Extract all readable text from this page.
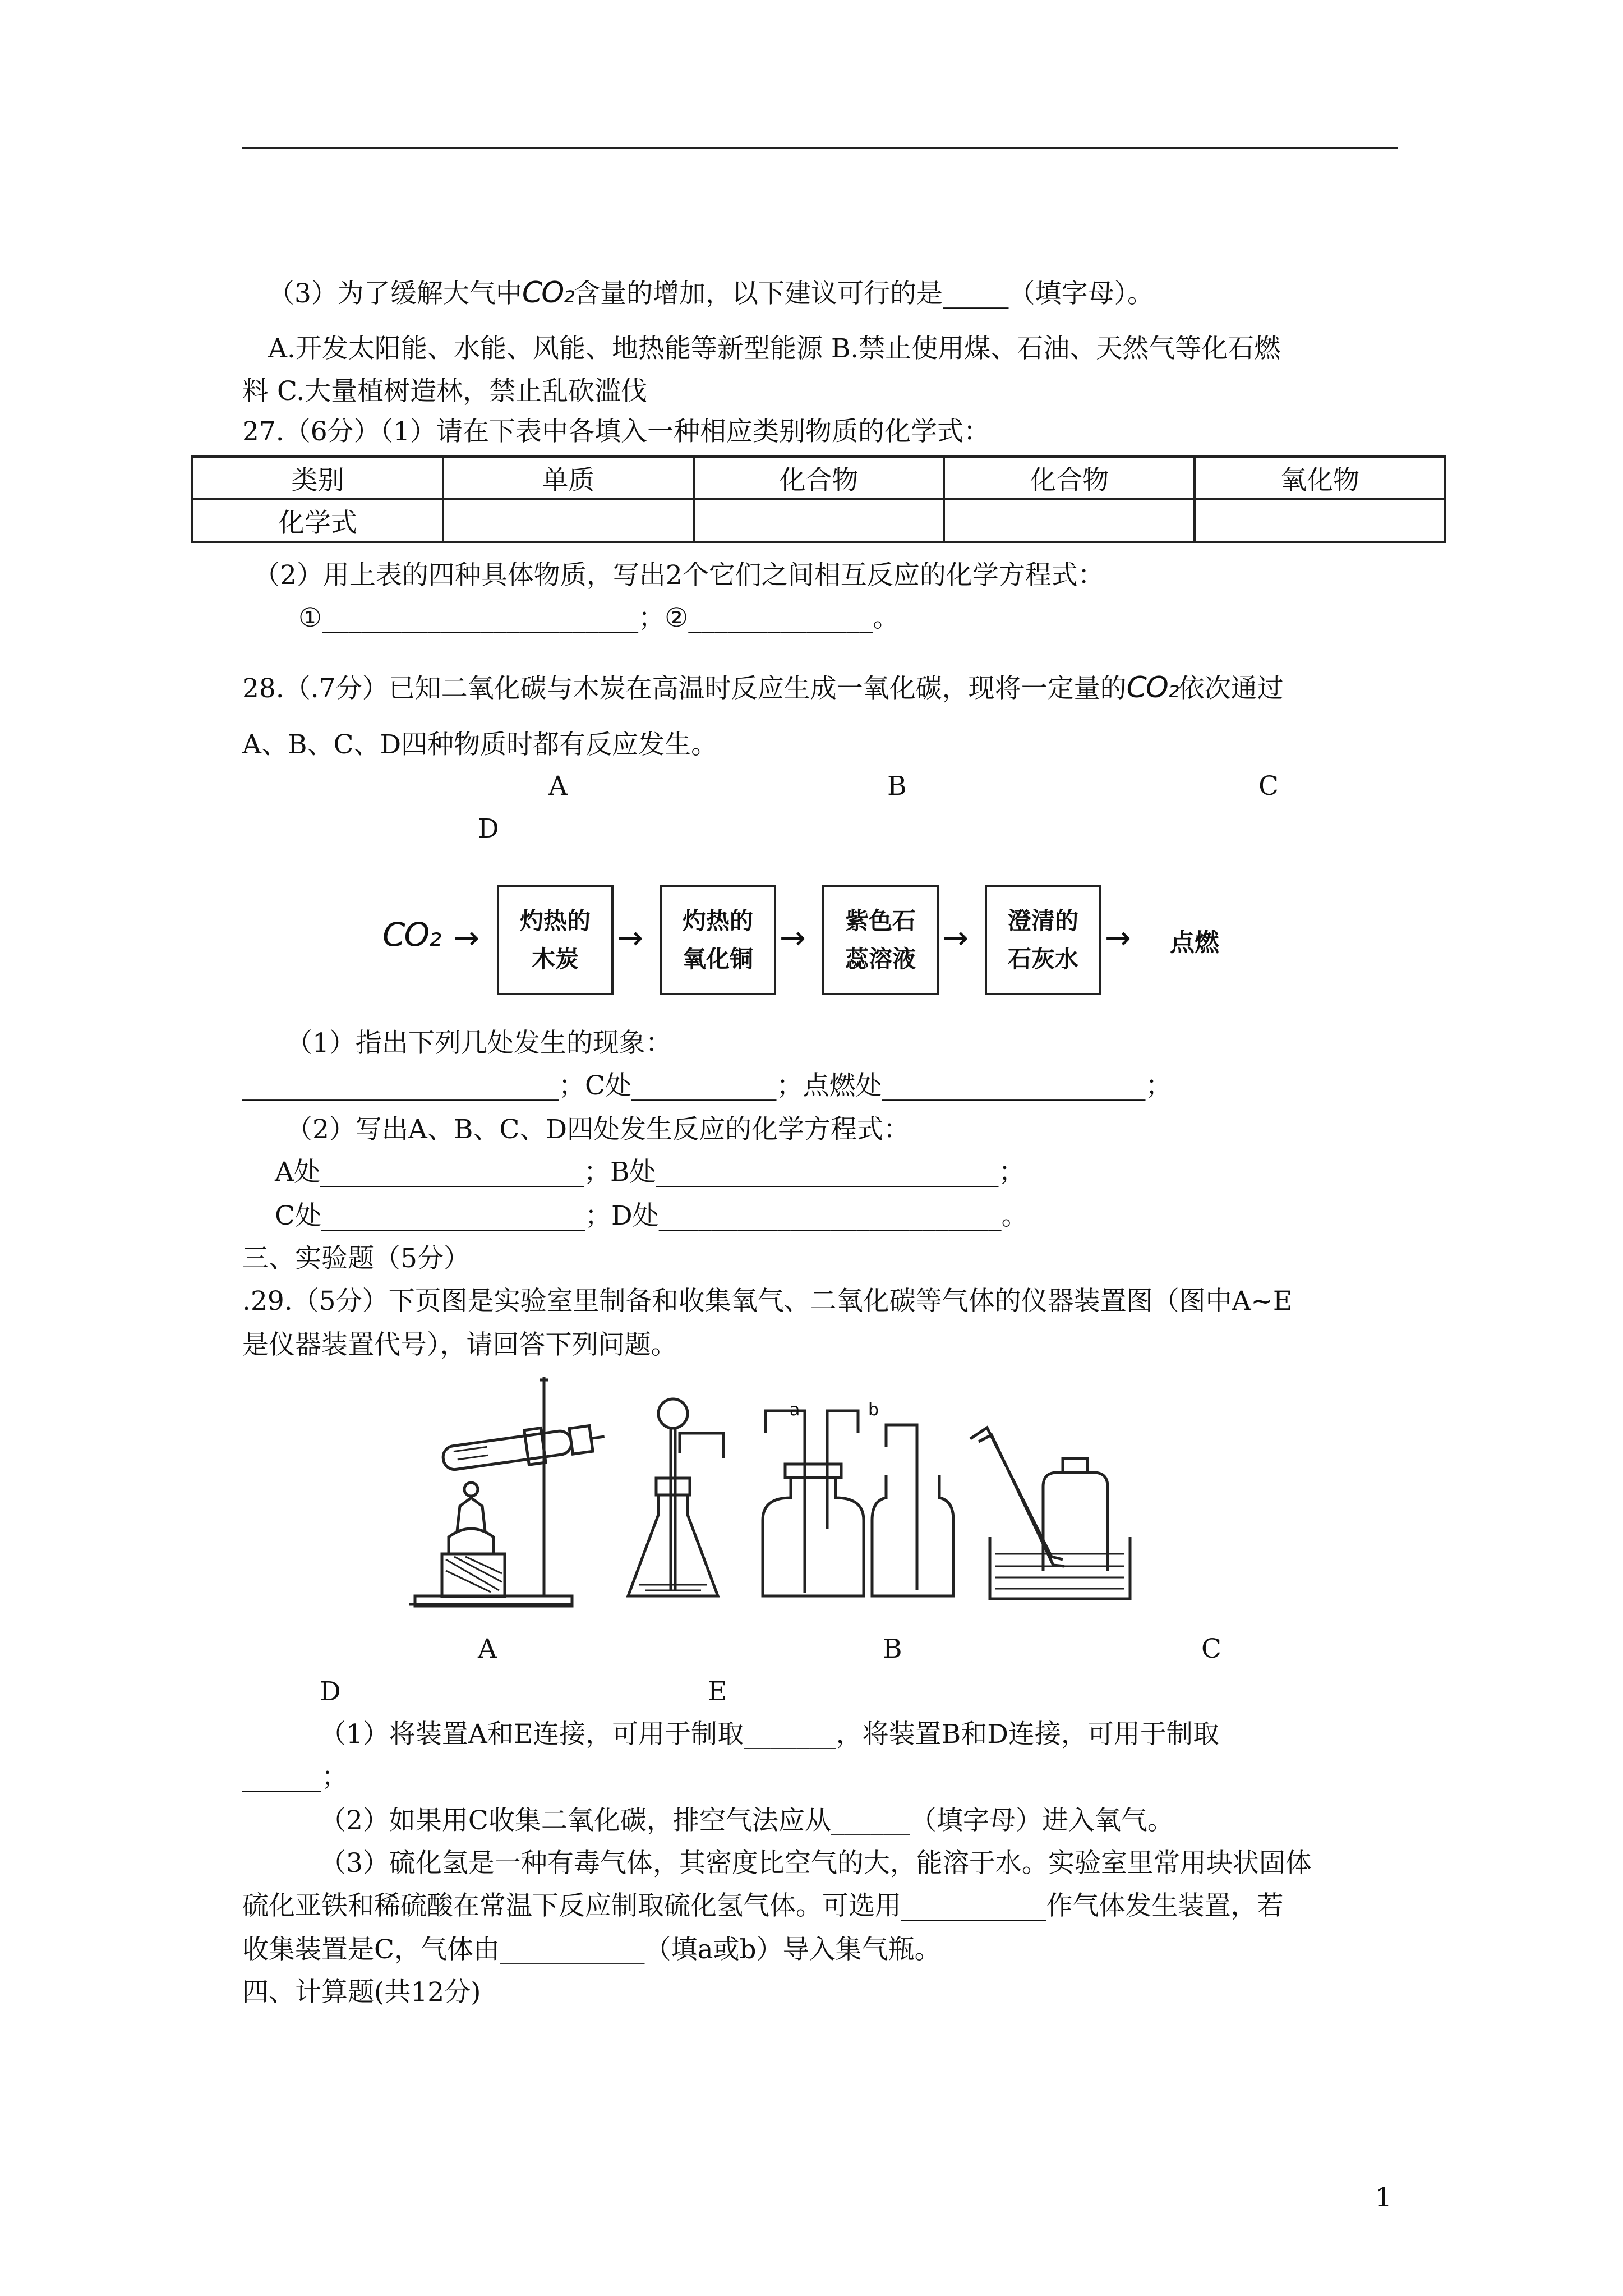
（3）为了缓解大气中CO₂含量的增加，以下建议可行的是_____（填字母）。
A.开发太阳能、水能、风能、地热能等新型能源 B.禁止使用煤、石油、天然气等化石燃
料 C.大量植树造林，禁止乱砍滥伐
27.（6分）（1）请在下表中各填入一种相应类别物质的化学式：
类别	单质	化合物	化合物	氧化物
化学式				
（2）用上表的四种具体物质，写出2个它们之间相互反应的化学方程式：
①________________________；②______________。
28.（.7分）已知二氧化碳与木炭在高温时反应生成一氧化碳，现将一定量的CO₂依次通过
A、B、C、D四种物质时都有反应发生。
A	B	C
D
CO₂ → 灼热的
木炭
→ 灼热的
氧化铜
→ 紫色石
蕊溶液
→ 澄清的
石灰水
→ 点燃
（1）指出下列几处发生的现象：
________________________；C处___________；点燃处____________________；
（2）写出A、B、C、D四处发生反应的化学方程式：
A处____________________；B处__________________________；
C处____________________；D处__________________________。
三、实验题（5分）
.29.（5分）下页图是实验室里制备和收集氧气、二氧化碳等气体的仪器装置图（图中A~E
是仪器装置代号），请回答下列问题。
a	b
A	B	C
D	E
（1）将装置A和E连接，可用于制取_______，将装置B和D连接，可用于制取
______；
（2）如果用C收集二氧化碳，排空气法应从______（填字母）进入氧气。
（3）硫化氢是一种有毒气体，其密度比空气的大，能溶于水。实验室里常用块状固体
硫化亚铁和稀硫酸在常温下反应制取硫化氢气体。可选用___________作气体发生装置，若
收集装置是C，气体由___________（填a或b）导入集气瓶。
四、计算题(共12分)
1
